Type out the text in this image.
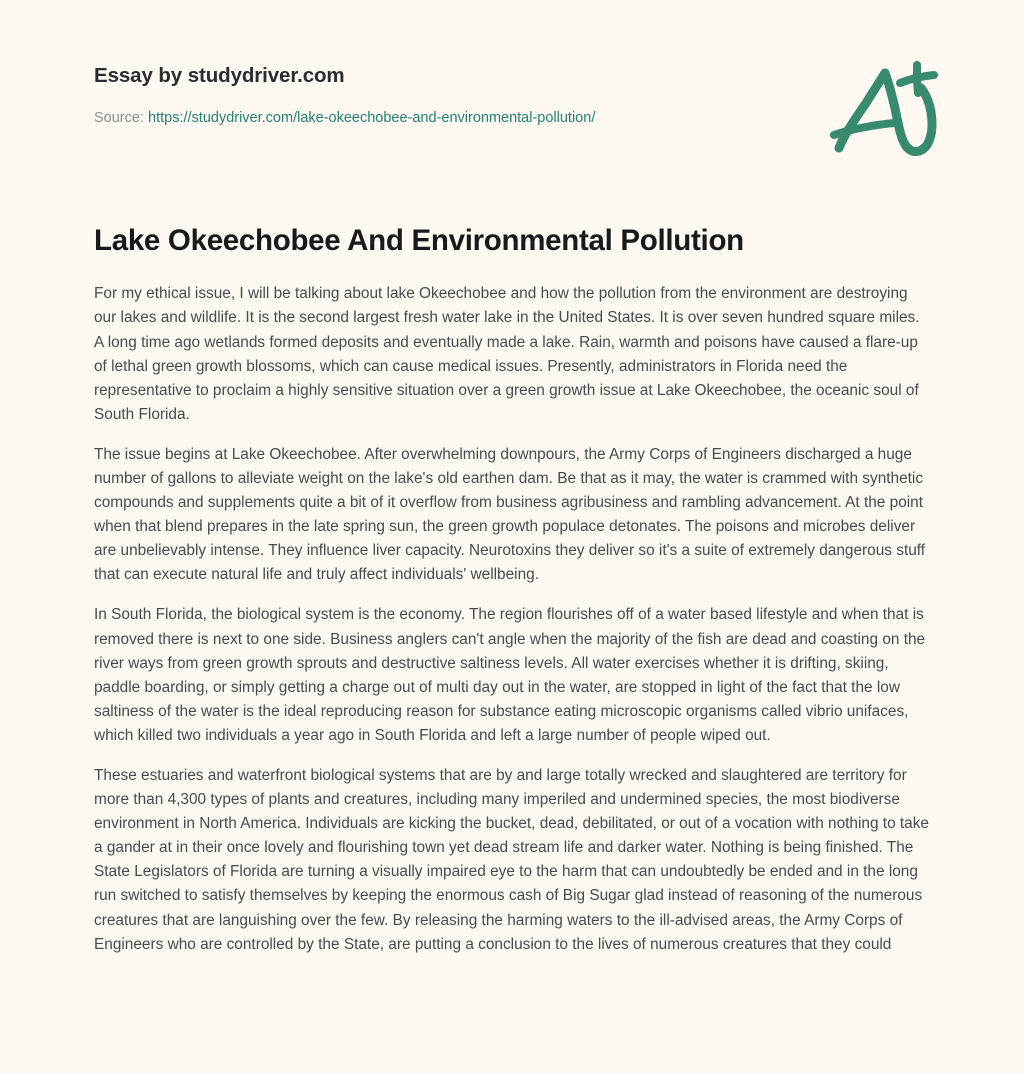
Essay by studydriver.com
Source: https://studydriver.com/lake-okeechobee-and-environmental-pollution/
Lake Okeechobee And Environmental Pollution

For my ethical issue, I will be talking about lake Okeechobee and how the pollution from the environment are destroying our lakes and wildlife. It is the second largest fresh water lake in the United States. It is over seven hundred square miles. A long time ago wetlands formed deposits and eventually made a lake. Rain, warmth and poisons have caused a flare-up of lethal green growth blossoms, which can cause medical issues. Presently, administrators in Florida need the representative to proclaim a highly sensitive situation over a green growth issue at Lake Okeechobee, the oceanic soul of South Florida.

The issue begins at Lake Okeechobee. After overwhelming downpours, the Army Corps of Engineers discharged a huge number of gallons to alleviate weight on the lake's old earthen dam. Be that as it may, the water is crammed with synthetic compounds and supplements quite a bit of it overflow from business agribusiness and rambling advancement. At the point when that blend prepares in the late spring sun, the green growth populace detonates. The poisons and microbes deliver are unbelievably intense. They influence liver capacity. Neurotoxins they deliver so it's a suite of extremely dangerous stuff that can execute natural life and truly affect individuals' wellbeing.

In South Florida, the biological system is the economy. The region flourishes off of a water based lifestyle and when that is removed there is next to one side. Business anglers can't angle when the majority of the fish are dead and coasting on the river ways from green growth sprouts and destructive saltiness levels. All water exercises whether it is drifting, skiing, paddle boarding, or simply getting a charge out of multi day out in the water, are stopped in light of the fact that the low saltiness of the water is the ideal reproducing reason for substance eating microscopic organisms called vibrio unifaces, which killed two individuals a year ago in South Florida and left a large number of people wiped out.

These estuaries and waterfront biological systems that are by and large totally wrecked and slaughtered are territory for more than 4,300 types of plants and creatures, including many imperiled and undermined species, the most biodiverse environment in North America. Individuals are kicking the bucket, dead, debilitated, or out of a vocation with nothing to take a gander at in their once lovely and flourishing town yet dead stream life and darker water. Nothing is being finished. The State Legislators of Florida are turning a visually impaired eye to the harm that can undoubtedly be ended and in the long run switched to satisfy themselves by keeping the enormous cash of Big Sugar glad instead of reasoning of the numerous creatures that are languishing over the few. By releasing the harming waters to the ill-advised areas, the Army Corps of Engineers who are controlled by the State, are putting a conclusion to the lives of numerous creatures that they could
